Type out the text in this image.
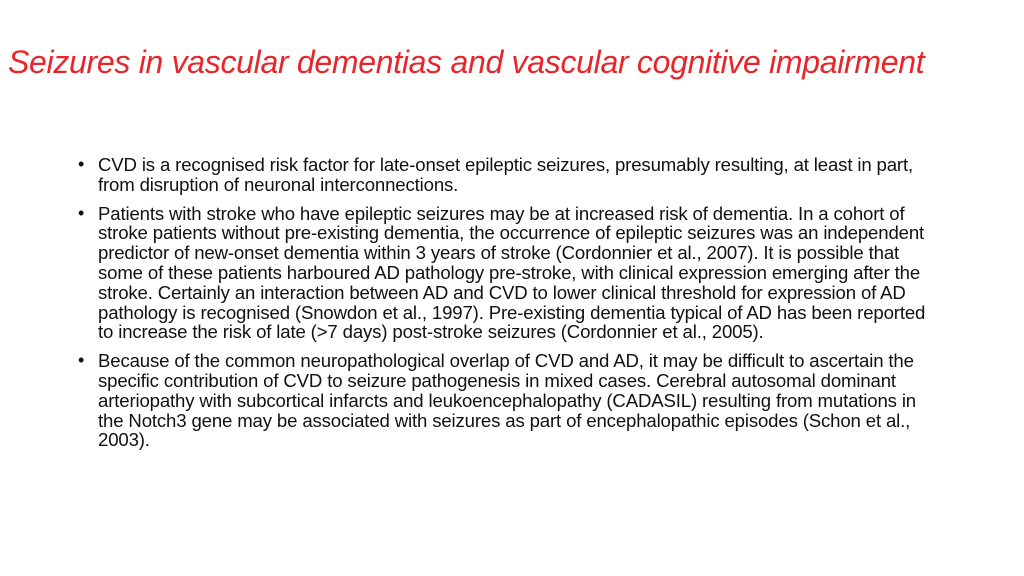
Seizures in vascular dementias and vascular cognitive impairment
• CVD is a recognised risk factor for late-onset epileptic seizures, presumably resulting, at least in part, from disruption of neuronal interconnections.
• Patients with stroke who have epileptic seizures may be at increased risk of dementia. In a cohort of stroke patients without pre-existing dementia, the occurrence of epileptic seizures was an independent predictor of new-onset dementia within 3 years of stroke (Cordonnier et al., 2007). It is possible that some of these patients harboured AD pathology pre-stroke, with clinical expression emerging after the stroke. Certainly an interaction between AD and CVD to lower clinical threshold for expression of AD pathology is recognised (Snowdon et al., 1997). Pre-existing dementia typical of AD has been reported to increase the risk of late (>7 days) post-stroke seizures (Cordonnier et al., 2005).
• Because of the common neuropathological overlap of CVD and AD, it may be difficult to ascertain the specific contribution of CVD to seizure pathogenesis in mixed cases. Cerebral autosomal dominant arteriopathy with subcortical infarcts and leukoencephalopathy (CADASIL) resulting from mutations in the Notch3 gene may be associated with seizures as part of encephalopathic episodes (Schon et al., 2003).
